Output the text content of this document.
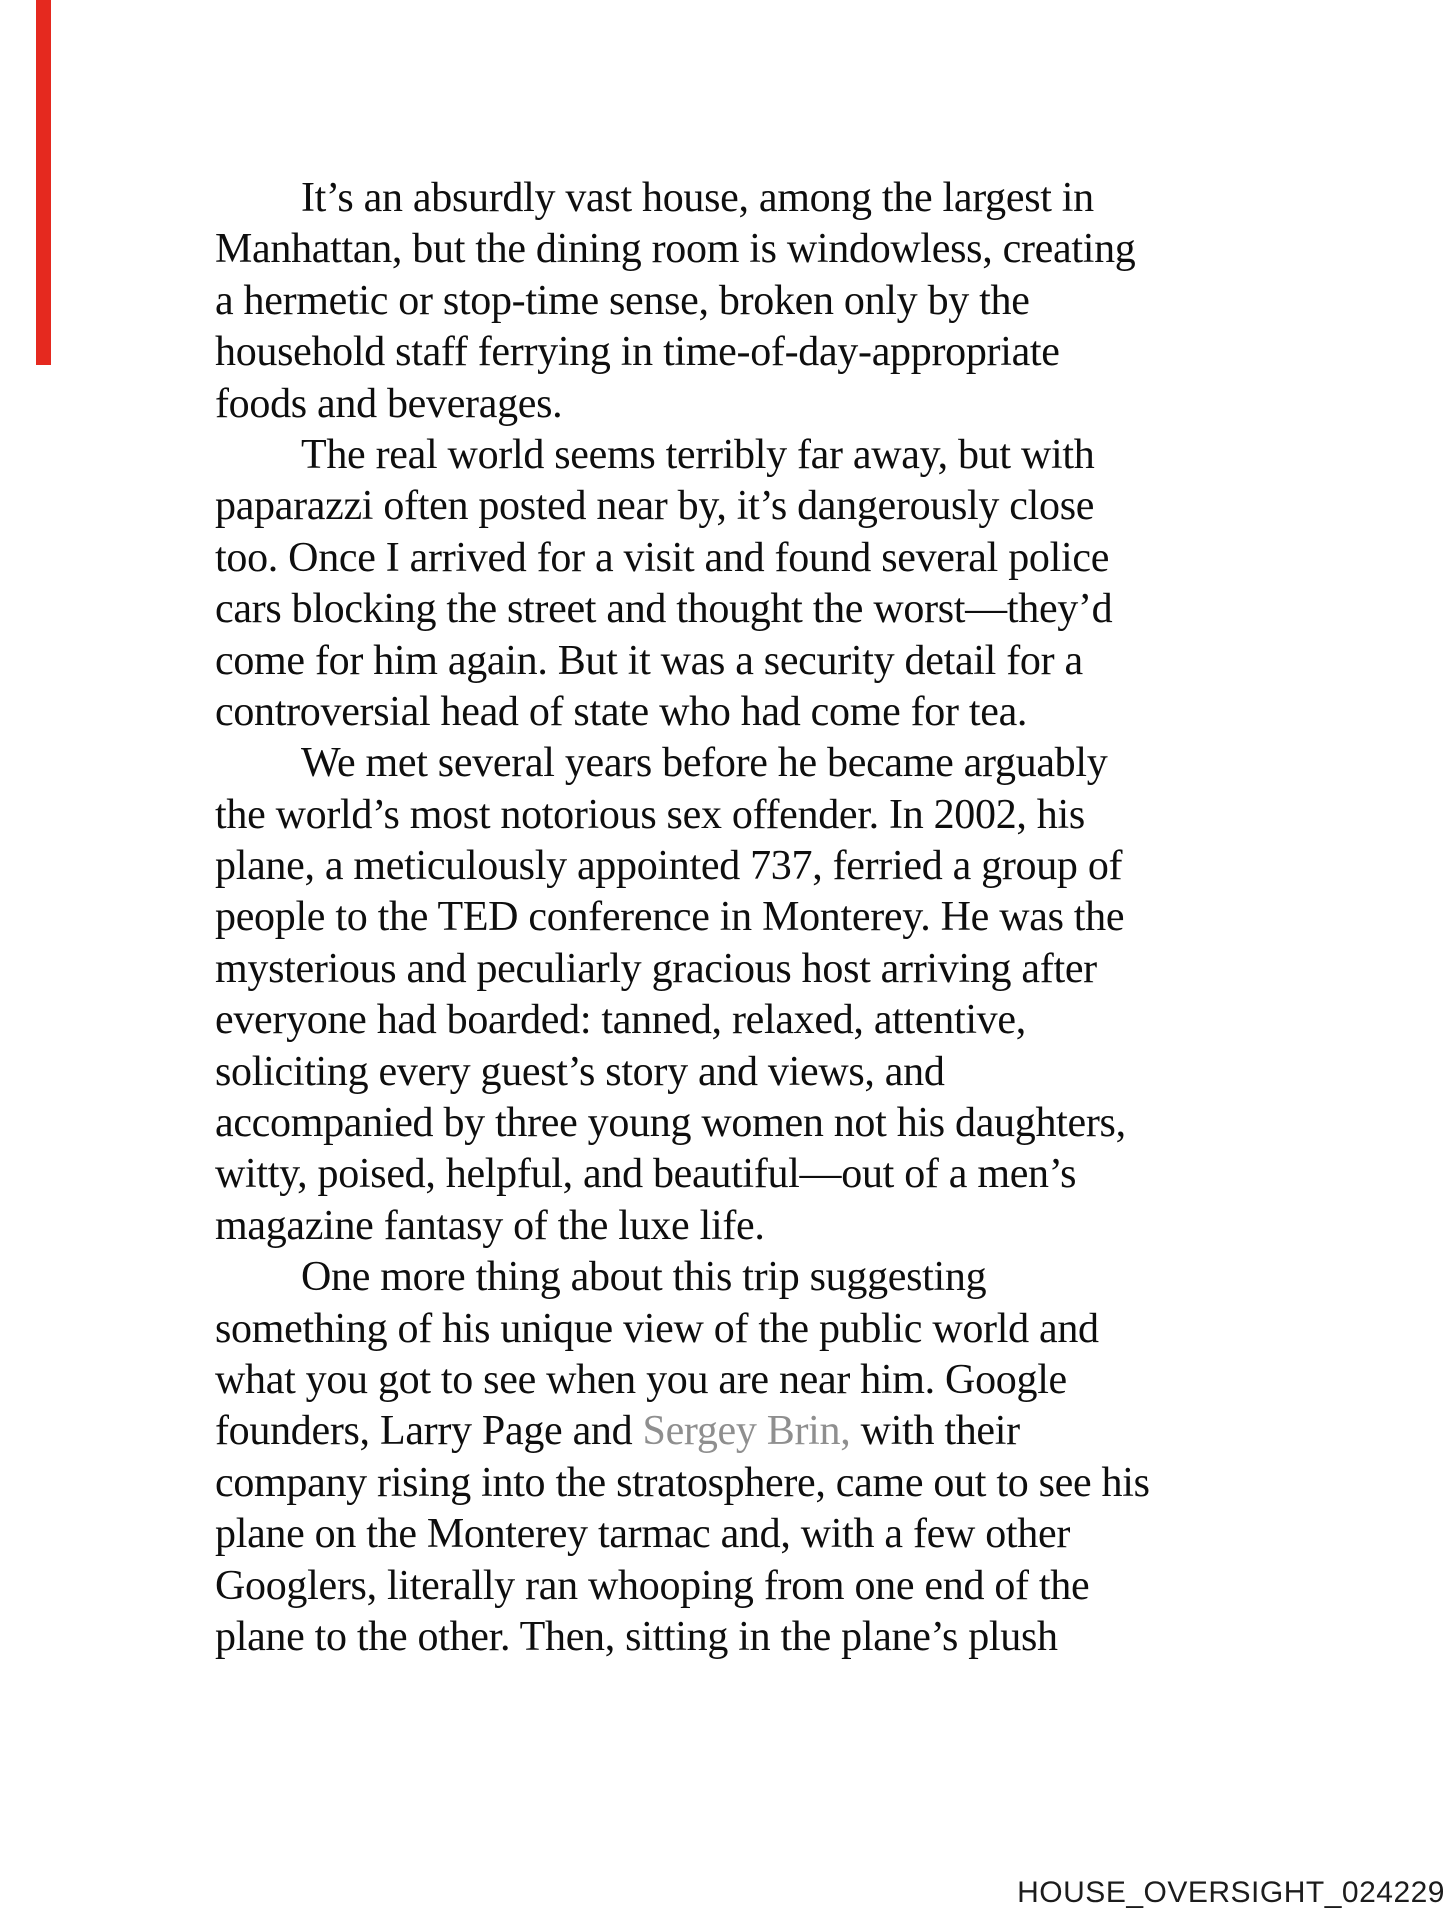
It’s an absurdly vast house, among the largest in
Manhattan, but the dining room is windowless, creating
a hermetic or stop-time sense, broken only by the
household staff ferrying in time-of-day-appropriate
foods and beverages.
The real world seems terribly far away, but with
paparazzi often posted near by, it’s dangerously close
too. Once I arrived for a visit and found several police
cars blocking the street and thought the worst—they’d
come for him again. But it was a security detail for a
controversial head of state who had come for tea.
We met several years before he became arguably
the world’s most notorious sex offender. In 2002, his
plane, a meticulously appointed 737, ferried a group of
people to the TED conference in Monterey. He was the
mysterious and peculiarly gracious host arriving after
everyone had boarded: tanned, relaxed, attentive,
soliciting every guest’s story and views, and
accompanied by three young women not his daughters,
witty, poised, helpful, and beautiful—out of a men’s
magazine fantasy of the luxe life.
One more thing about this trip suggesting
something of his unique view of the public world and
what you got to see when you are near him. Google
founders, Larry Page and Sergey Brin, with their
company rising into the stratosphere, came out to see his
plane on the Monterey tarmac and, with a few other
Googlers, literally ran whooping from one end of the
plane to the other. Then, sitting in the plane’s plush
HOUSE_OVERSIGHT_024229
